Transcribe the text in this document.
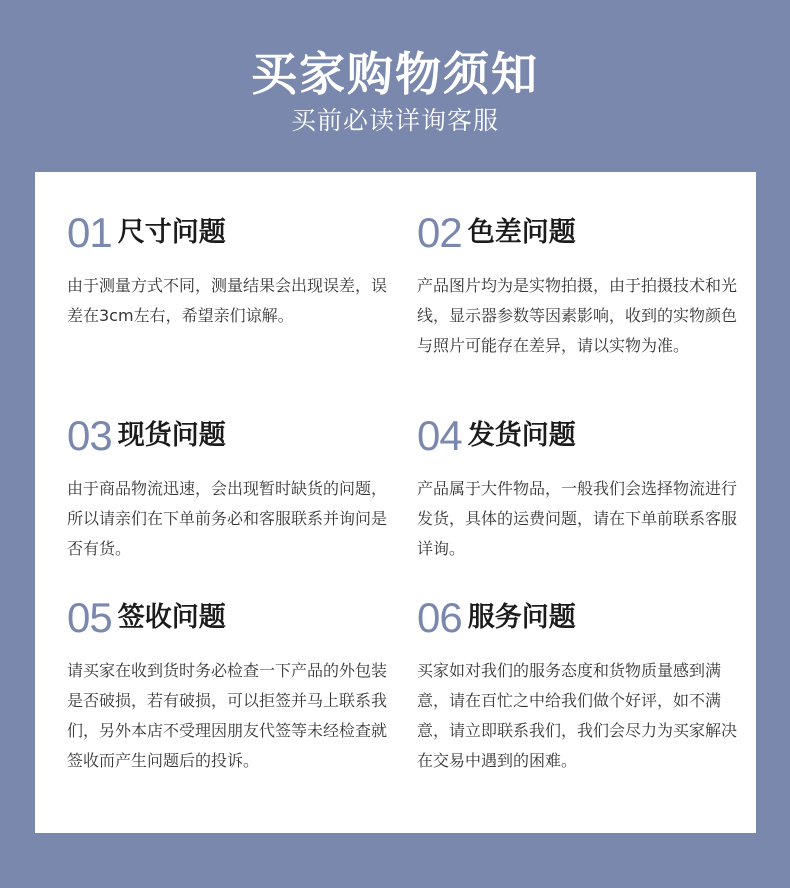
买家购物须知
买前必读详询客服
01 尺寸问题
由于测量方式不同，测量结果会出现误差，误差在3cm左右，希望亲们谅解。
02 色差问题
产品图片均为是实物拍摄，由于拍摄技术和光线，显示器参数等因素影响，收到的实物颜色与照片可能存在差异，请以实物为准。
03 现货问题
由于商品物流迅速，会出现暂时缺货的问题，所以请亲们在下单前务必和客服联系并询问是否有货。
04 发货问题
产品属于大件物品，一般我们会选择物流进行发货，具体的运费问题，请在下单前联系客服详询。
05 签收问题
请买家在收到货时务必检查一下产品的外包装是否破损，若有破损，可以拒签并马上联系我们，另外本店不受理因朋友代签等未经检查就签收而产生问题后的投诉。
06 服务问题
买家如对我们的服务态度和货物质量感到满意，请在百忙之中给我们做个好评，如不满意，请立即联系我们，我们会尽力为买家解决在交易中遇到的困难。
